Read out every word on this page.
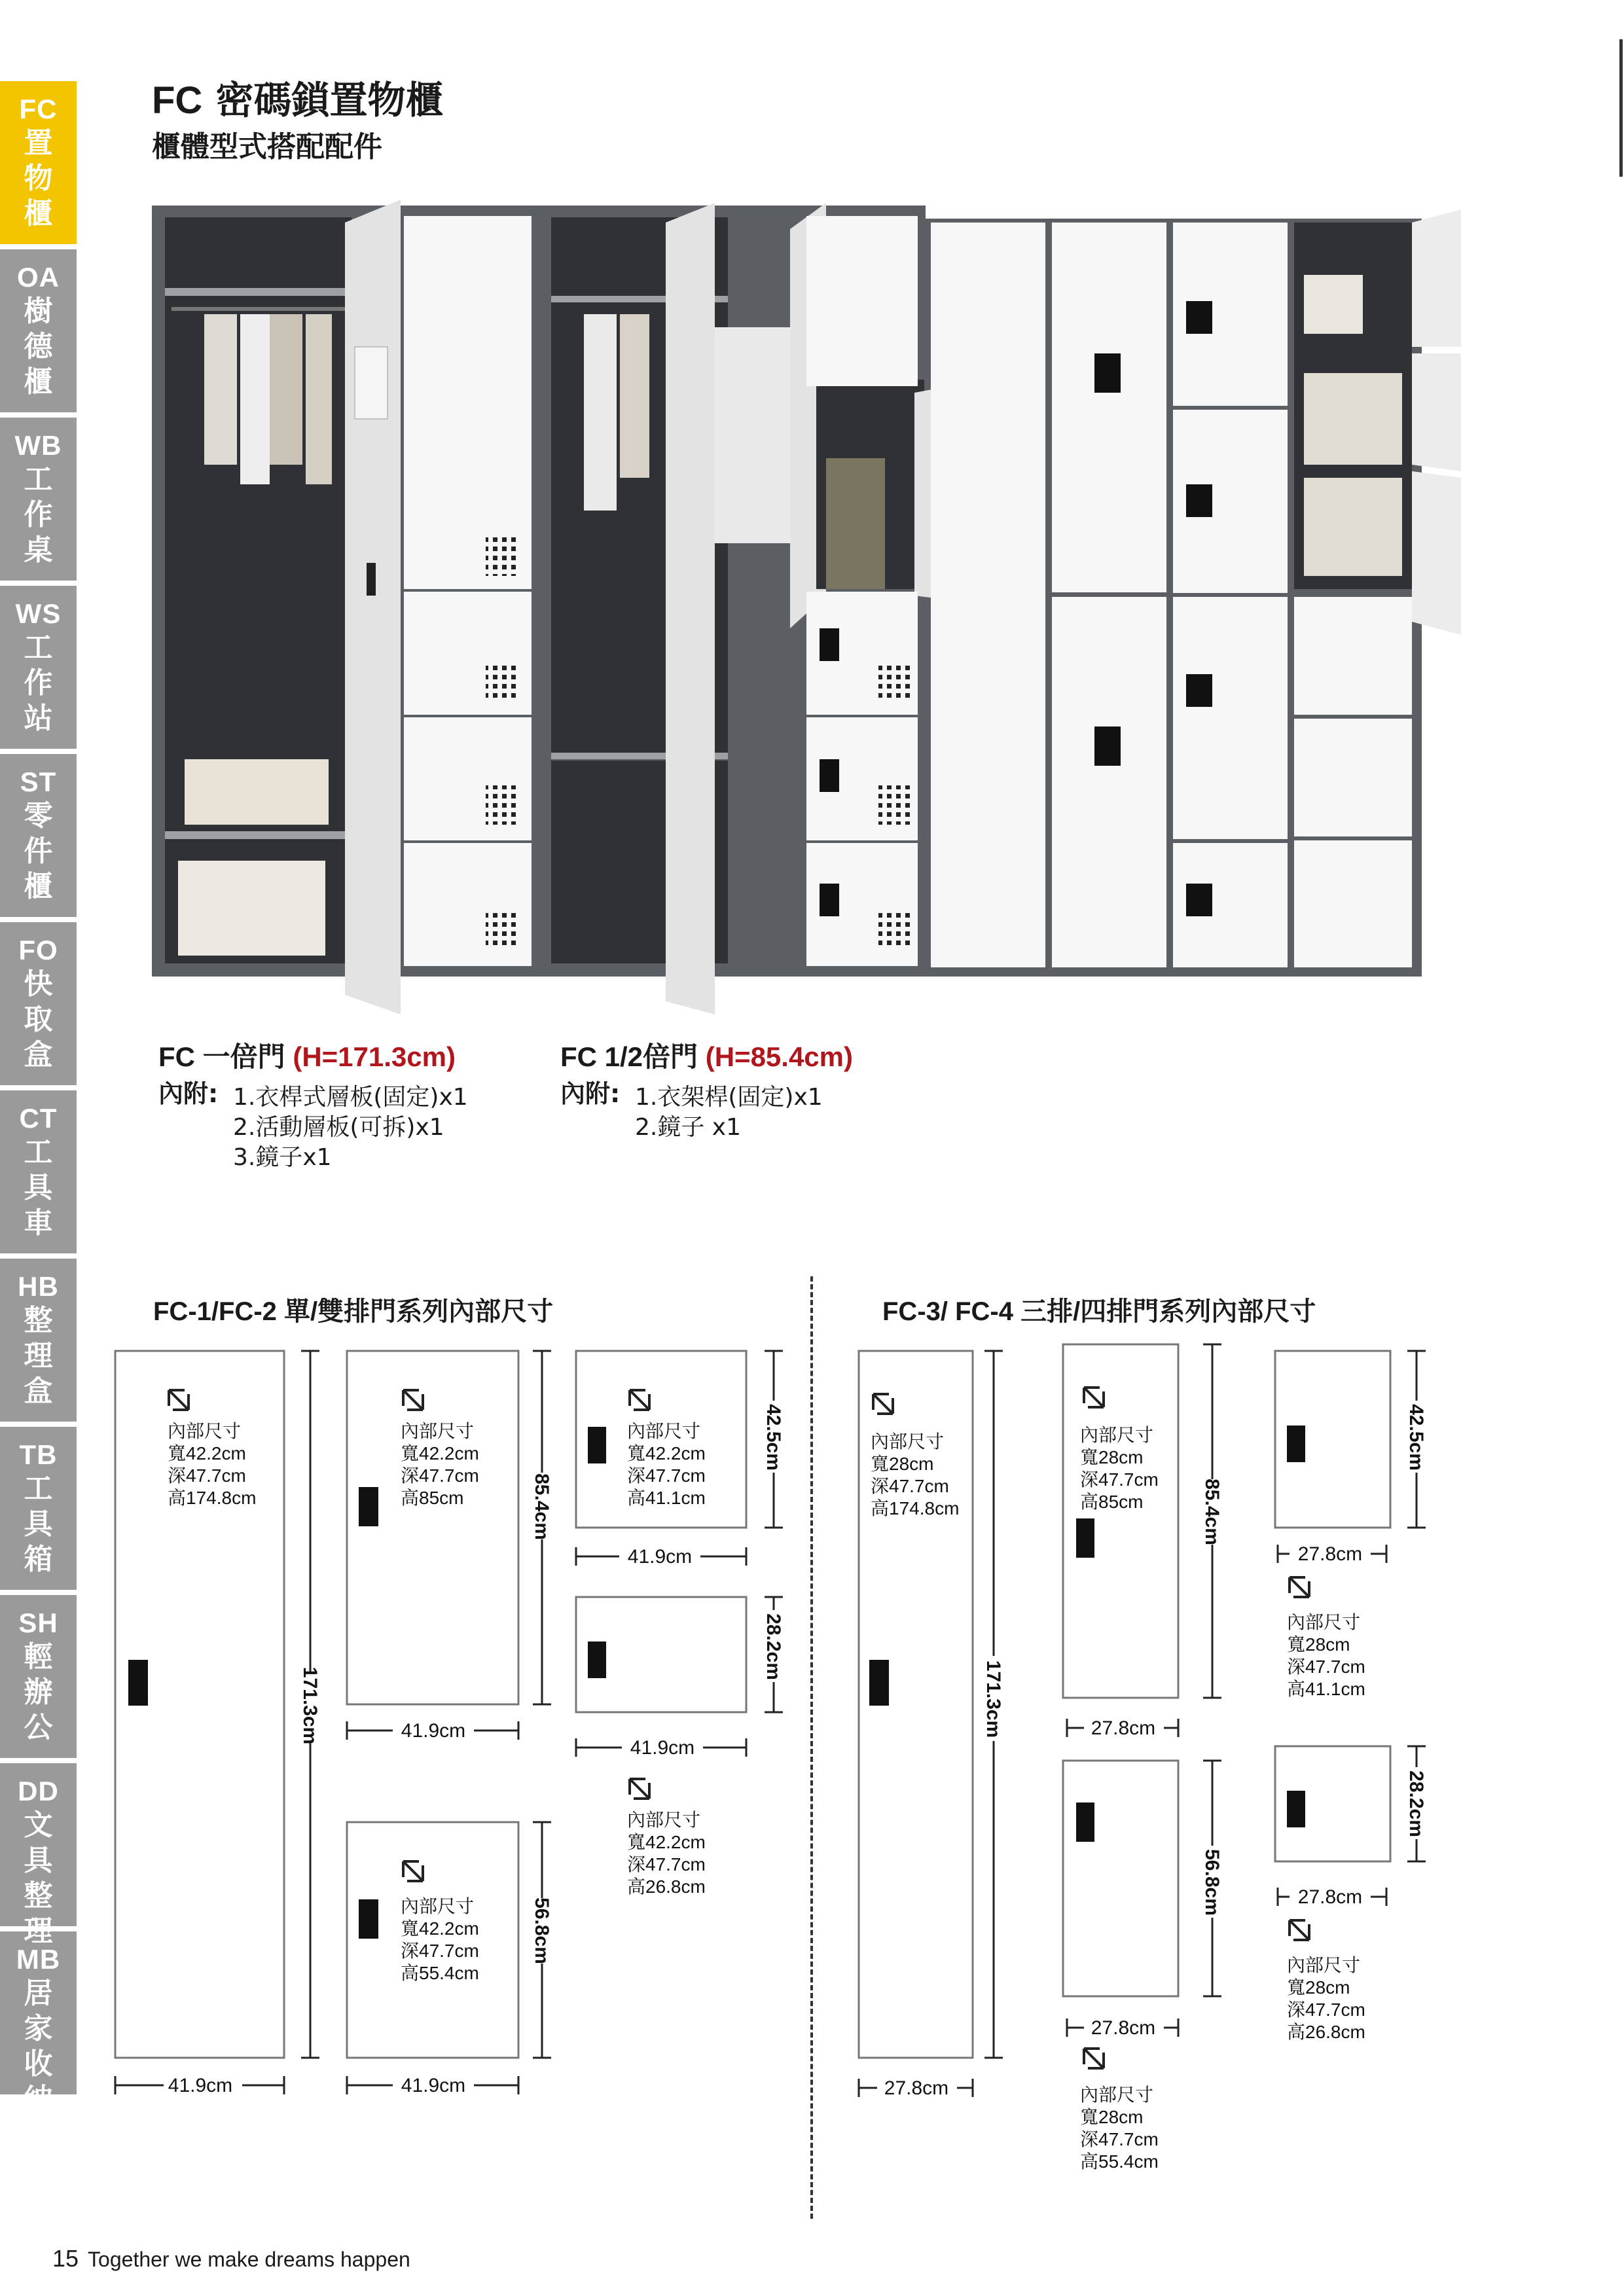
FC
置物櫃
OA
樹德櫃
WB
工作桌
WS
工作站
ST
零件櫃
FO
快取盒
CT
工具車
HB
整理盒
TB
工具箱
SH
輕辦公
DD
文具整理
MB
居家收納
FC 密碼鎖置物櫃
櫃體型式搭配配件
FC 一倍門 (H=171.3cm)
內附: 1.衣桿式層板(固定)x1
2.活動層板(可拆)x1
3.鏡子x1
FC 1/2倍門 (H=85.4cm)
內附: 1.衣架桿(固定)x1
2.鏡子 x1
FC-1/FC-2 單/雙排門系列內部尺寸	FC-3/ FC-4 三排/四排門系列內部尺寸
內部尺寸
寬42.2cm
深47.7cm
高174.8cm
內部尺寸
寬42.2cm
深47.7cm
高85cm
內部尺寸
寬42.2cm
深47.7cm
高41.1cm
內部尺寸
寬42.2cm
深47.7cm
高26.8cm
內部尺寸
寬42.2cm
深47.7cm
高55.4cm
內部尺寸
寬28cm
深47.7cm
高174.8cm
內部尺寸
寬28cm
深47.7cm
高85cm
內部尺寸
寬28cm
深47.7cm
高55.4cm
內部尺寸
寬28cm
深47.7cm
高41.1cm
內部尺寸
寬28cm
深47.7cm
高26.8cm
41.9cm
41.9cm
41.9cm
41.9cm
41.9cm
27.8cm
27.8cm
27.8cm
27.8cm
27.8cm
171.3cm
85.4cm
56.8cm
42.5cm
28.2cm
171.3cm
85.4cm
56.8cm
42.5cm
28.2cm
15 Together we make dreams happen
